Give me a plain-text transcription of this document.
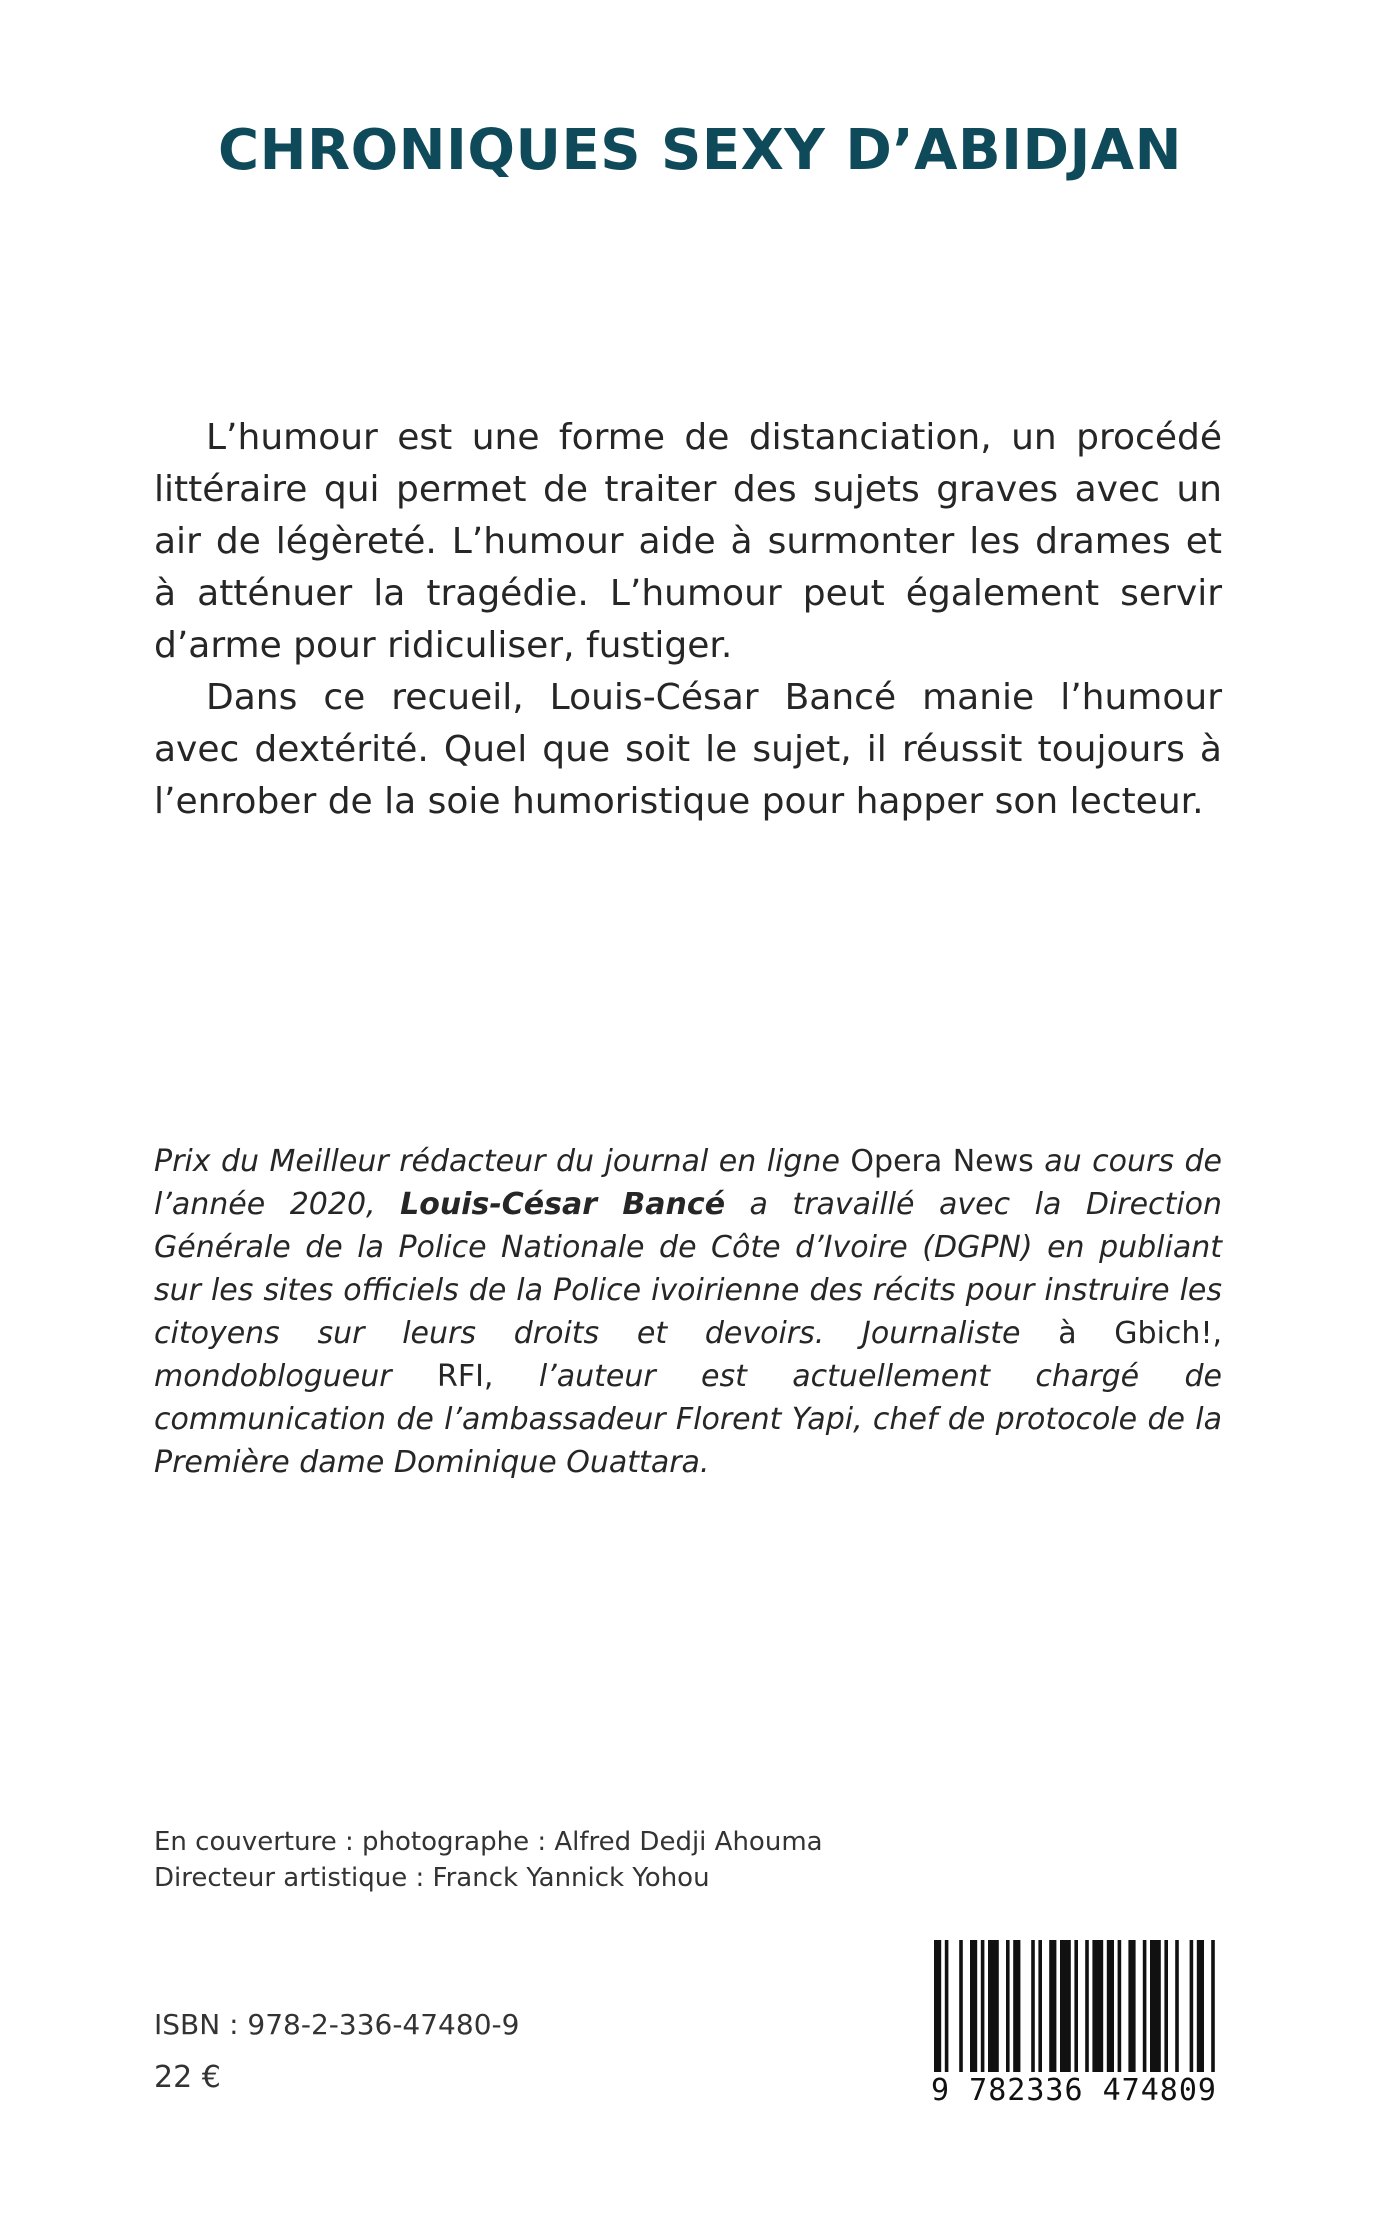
CHRONIQUES SEXY D’ABIDJAN

L’humour est une forme de distanciation, un procédé littéraire qui permet de traiter des sujets graves avec un air de légèreté. L’humour aide à surmonter les drames et à atténuer la tragédie. L’humour peut également servir d’arme pour ridiculiser, fustiger.

Dans ce recueil, Louis-César Bancé manie l’humour avec dextérité. Quel que soit le sujet, il réussit toujours à l’enrober de la soie humoristique pour happer son lecteur.

Prix du Meilleur rédacteur du journal en ligne Opera News au cours de l’année 2020, Louis-César Bancé a travaillé avec la Direction Générale de la Police Nationale de Côte d’Ivoire (DGPN) en publiant sur les sites officiels de la Police ivoirienne des récits pour instruire les citoyens sur leurs droits et devoirs. Journaliste à Gbich!, mondoblogueur RFI, l’auteur est actuellement chargé de communication de l’ambassadeur Florent Yapi, chef de protocole de la Première dame Dominique Ouattara.

En couverture : photographe : Alfred Dedji Ahouma
Directeur artistique : Franck Yannick Yohou
ISBN : 978-2-336-47480-9
22 €	9 782336 474809
